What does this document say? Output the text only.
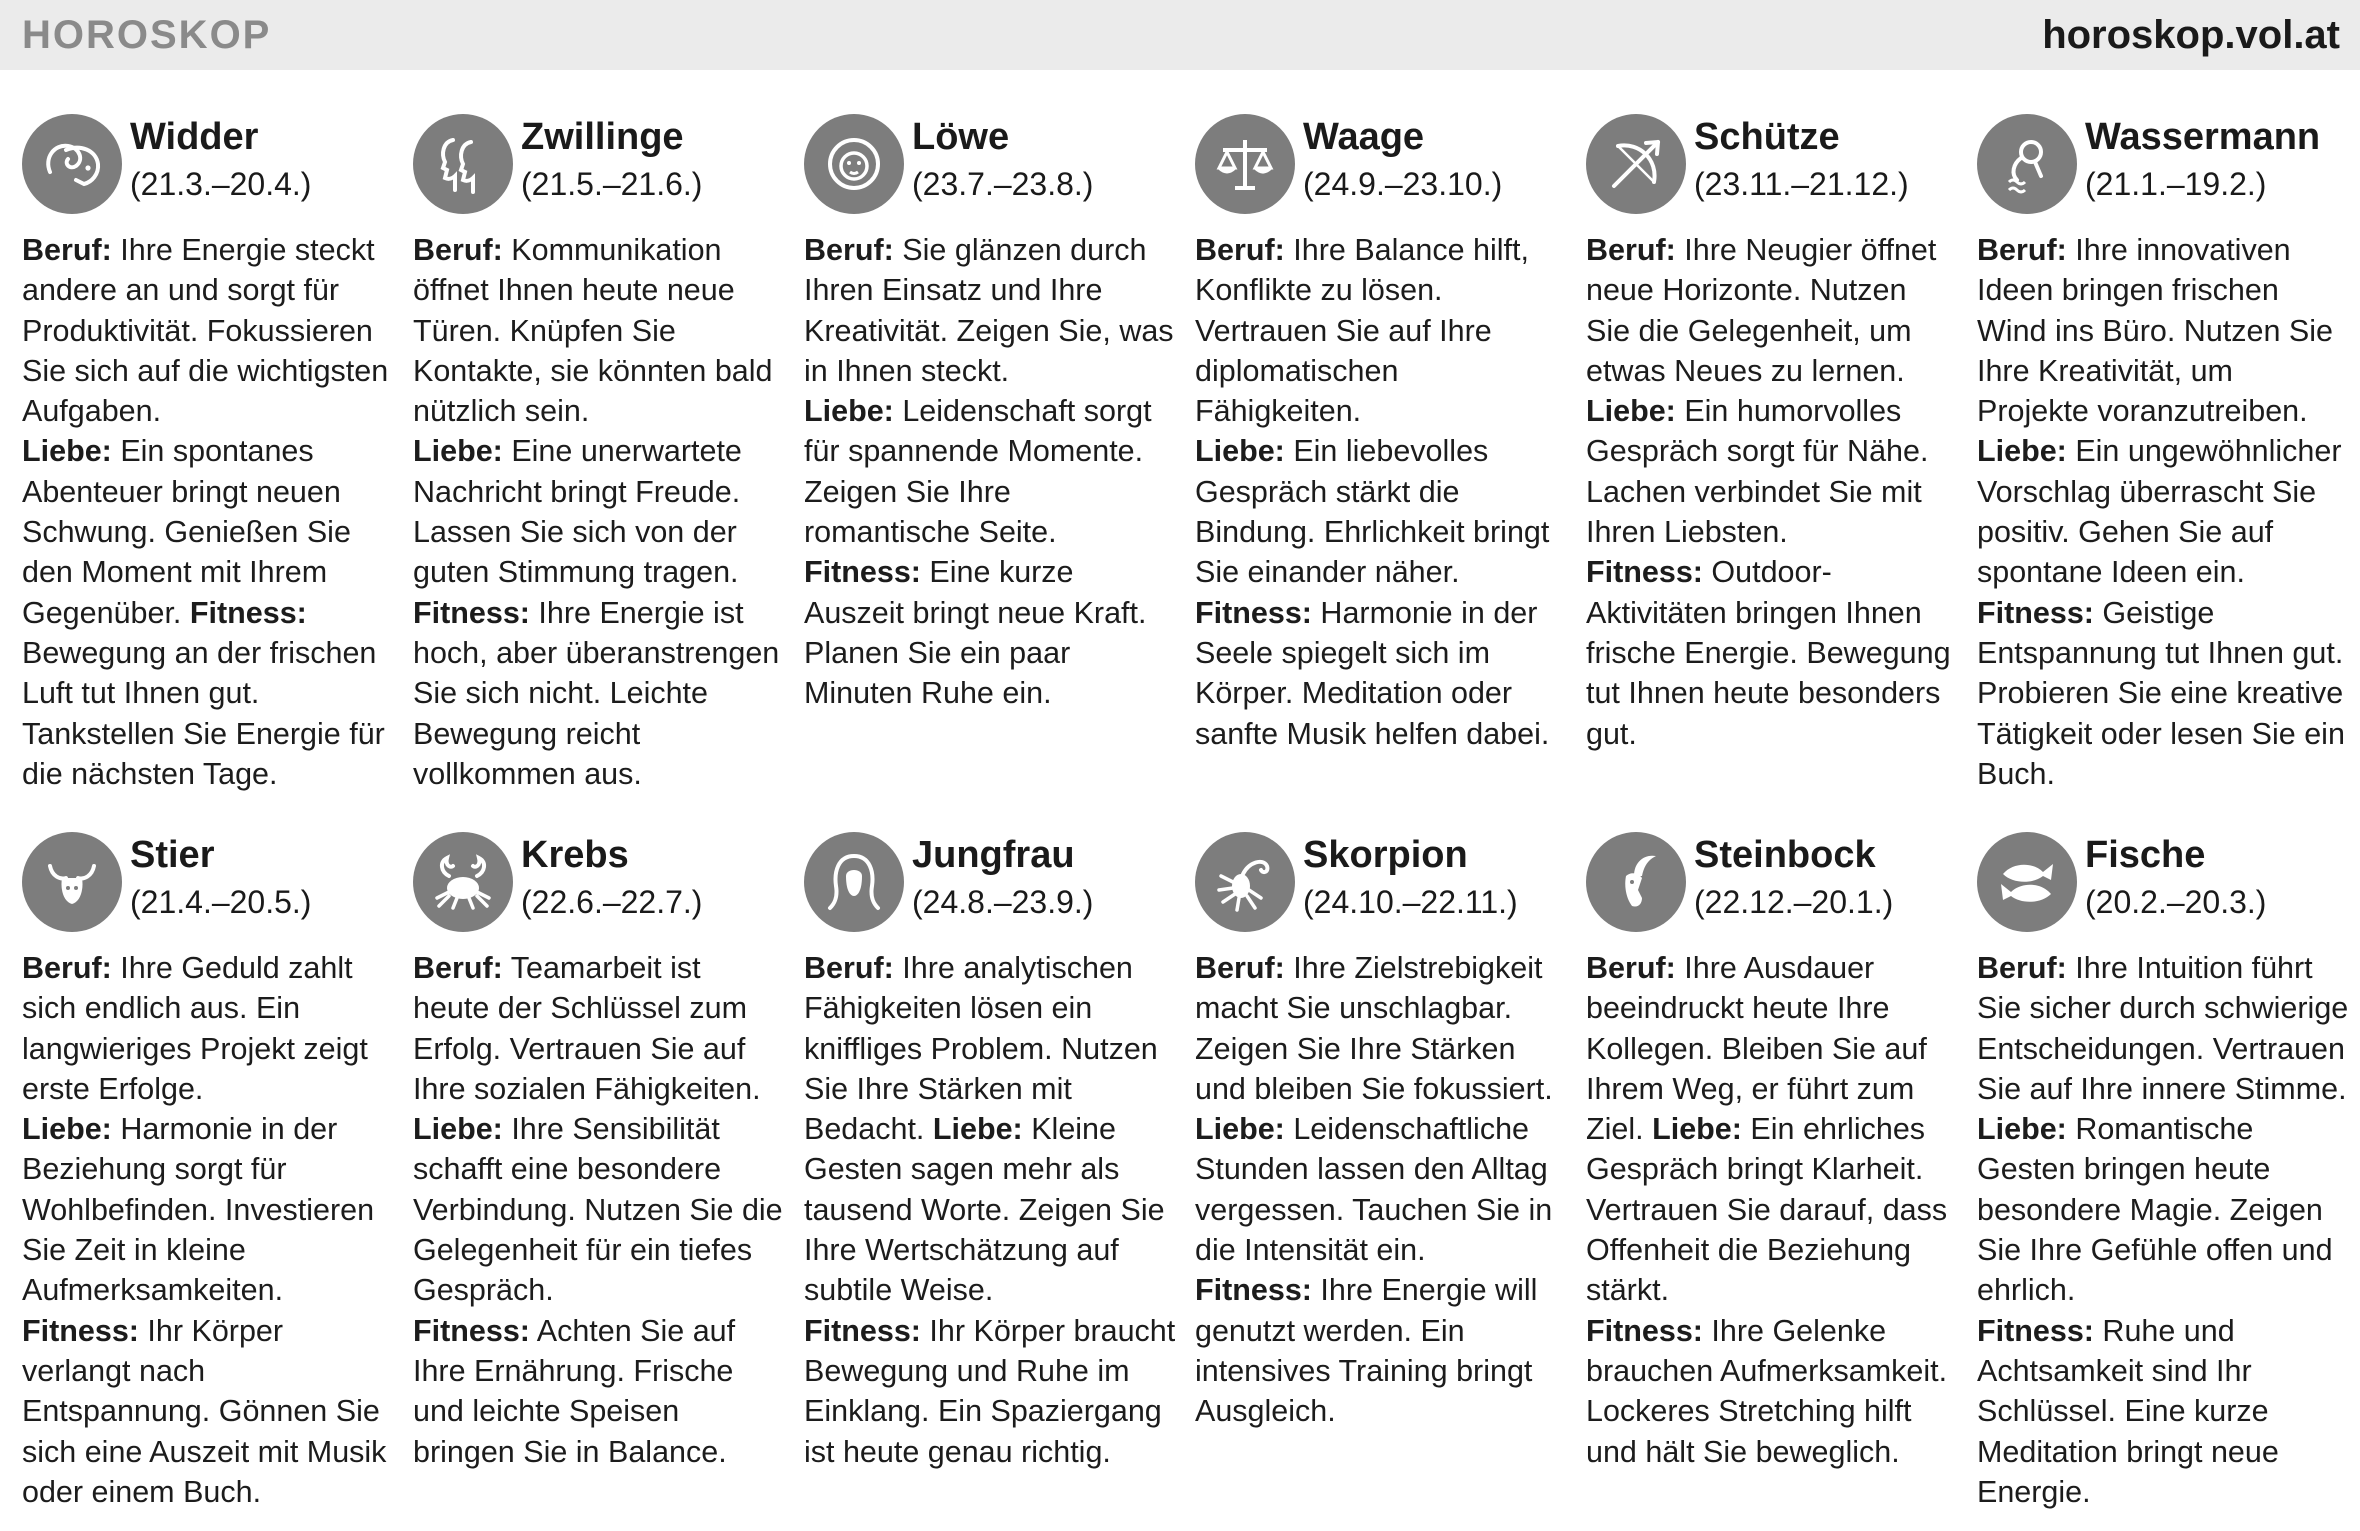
HOROSKOP	horoskop.vol.at
Widder
(21.3.–20.4.)
Beruf: Ihre Energie steckt andere an und sorgt für Produktivität. Fokussieren Sie sich auf die wichtigsten Aufgaben.
Liebe: Ein spontanes Abenteuer bringt neuen Schwung. Genießen Sie den Moment mit Ihrem Gegenüber. Fitness: Bewegung an der frischen Luft tut Ihnen gut. Tankstellen Sie Energie für die nächsten Tage.
Zwillinge
(21.5.–21.6.)
Beruf: Kommunikation öffnet Ihnen heute neue Türen. Knüpfen Sie Kontakte, sie könnten bald nützlich sein.
Liebe: Eine unerwartete Nachricht bringt Freude. Lassen Sie sich von der guten Stimmung tragen.
Fitness: Ihre Energie ist hoch, aber überanstrengen Sie sich nicht. Leichte Bewegung reicht vollkommen aus.
Löwe
(23.7.–23.8.)
Beruf: Sie glänzen durch Ihren Einsatz und Ihre Kreativität. Zeigen Sie, was in Ihnen steckt.
Liebe: Leidenschaft sorgt für spannende Momente. Zeigen Sie Ihre romantische Seite.
Fitness: Eine kurze Auszeit bringt neue Kraft. Planen Sie ein paar Minuten Ruhe ein.
Waage
(24.9.–23.10.)
Beruf: Ihre Balance hilft, Konflikte zu lösen. Vertrauen Sie auf Ihre diplomatischen Fähigkeiten.
Liebe: Ein liebevolles Gespräch stärkt die Bindung. Ehrlichkeit bringt Sie einander näher.
Fitness: Harmonie in der Seele spiegelt sich im Körper. Meditation oder sanfte Musik helfen dabei.
Schütze
(23.11.–21.12.)
Beruf: Ihre Neugier öffnet neue Horizonte. Nutzen Sie die Gelegenheit, um etwas Neues zu lernen.
Liebe: Ein humorvolles Gespräch sorgt für Nähe. Lachen verbindet Sie mit Ihren Liebsten.
Fitness: Outdoor-Aktivitäten bringen Ihnen frische Energie. Bewegung tut Ihnen heute besonders gut.
Wassermann
(21.1.–19.2.)
Beruf: Ihre innovativen Ideen bringen frischen Wind ins Büro. Nutzen Sie Ihre Kreativität, um Projekte voranzutreiben.
Liebe: Ein ungewöhnlicher Vorschlag überrascht Sie positiv. Gehen Sie auf spontane Ideen ein. Fitness: Geistige Entspannung tut Ihnen gut. Probieren Sie eine kreative Tätigkeit oder lesen Sie ein Buch.
Stier
(21.4.–20.5.)
Beruf: Ihre Geduld zahlt sich endlich aus. Ein langwieriges Projekt zeigt erste Erfolge.
Liebe: Harmonie in der Beziehung sorgt für Wohlbefinden. Investieren Sie Zeit in kleine Aufmerksamkeiten.
Fitness: Ihr Körper verlangt nach Entspannung. Gönnen Sie sich eine Auszeit mit Musik oder einem Buch.
Krebs
(22.6.–22.7.)
Beruf: Teamarbeit ist heute der Schlüssel zum Erfolg. Vertrauen Sie auf Ihre sozialen Fähigkeiten.
Liebe: Ihre Sensibilität schafft eine besondere Verbindung. Nutzen Sie die Gelegenheit für ein tiefes Gespräch.
Fitness: Achten Sie auf Ihre Ernährung. Frische und leichte Speisen bringen Sie in Balance.
Jungfrau
(24.8.–23.9.)
Beruf: Ihre analytischen Fähigkeiten lösen ein kniffliges Problem. Nutzen Sie Ihre Stärken mit Bedacht. Liebe: Kleine Gesten sagen mehr als tausend Worte. Zeigen Sie Ihre Wertschätzung auf subtile Weise.
Fitness: Ihr Körper braucht Bewegung und Ruhe im Einklang. Ein Spaziergang ist heute genau richtig.
Skorpion
(24.10.–22.11.)
Beruf: Ihre Zielstrebigkeit macht Sie unschlagbar. Zeigen Sie Ihre Stärken und bleiben Sie fokussiert.
Liebe: Leidenschaftliche Stunden lassen den Alltag vergessen. Tauchen Sie in die Intensität ein.
Fitness: Ihre Energie will genutzt werden. Ein intensives Training bringt Ausgleich.
Steinbock
(22.12.–20.1.)
Beruf: Ihre Ausdauer beeindruckt heute Ihre Kollegen. Bleiben Sie auf Ihrem Weg, er führt zum Ziel. Liebe: Ein ehrliches Gespräch bringt Klarheit. Vertrauen Sie darauf, dass Offenheit die Beziehung stärkt.
Fitness: Ihre Gelenke brauchen Aufmerksamkeit. Lockeres Stretching hilft und hält Sie beweglich.
Fische
(20.2.–20.3.)
Beruf: Ihre Intuition führt Sie sicher durch schwierige Entscheidungen. Vertrauen Sie auf Ihre innere Stimme. Liebe: Romantische Gesten bringen heute besondere Magie. Zeigen Sie Ihre Gefühle offen und ehrlich.
Fitness: Ruhe und Achtsamkeit sind Ihr Schlüssel. Eine kurze Meditation bringt neue Energie.
